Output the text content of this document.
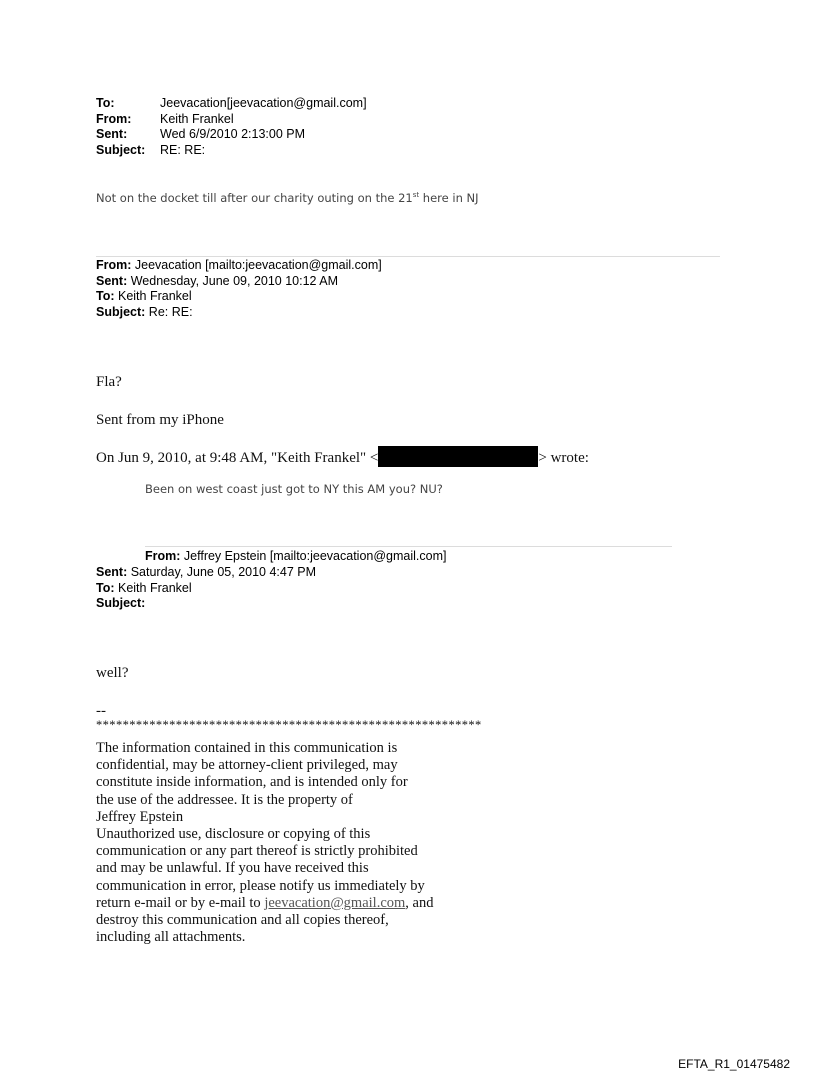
To:	Jeevacation[jeevacation@gmail.com]
From:	Keith Frankel
Sent:	Wed 6/9/2010 2:13:00 PM
Subject:	RE: RE:
Not on the docket till after our charity outing on the 21st here in NJ
From: Jeevacation [mailto:jeevacation@gmail.com]
Sent: Wednesday, June 09, 2010 10:12 AM
To: Keith Frankel
Subject: Re: RE:
Fla?
Sent from my iPhone
On Jun 9, 2010, at 9:48 AM, "Keith Frankel" <	> wrote:
Been on west coast just got to NY this AM you? NU?
From: Jeffrey Epstein [mailto:jeevacation@gmail.com]
Sent: Saturday, June 05, 2010 4:47 PM
To: Keith Frankel
Subject:
well?
--
**********************************************************
The information contained in this communication is
confidential, may be attorney-client privileged, may
constitute inside information, and is intended only for
the use of the addressee. It is the property of
Jeffrey Epstein
Unauthorized use, disclosure or copying of this
communication or any part thereof is strictly prohibited
and may be unlawful. If you have received this
communication in error, please notify us immediately by
return e-mail or by e-mail to jeevacation@gmail.com, and
destroy this communication and all copies thereof,
including all attachments.
EFTA_R1_01475482
